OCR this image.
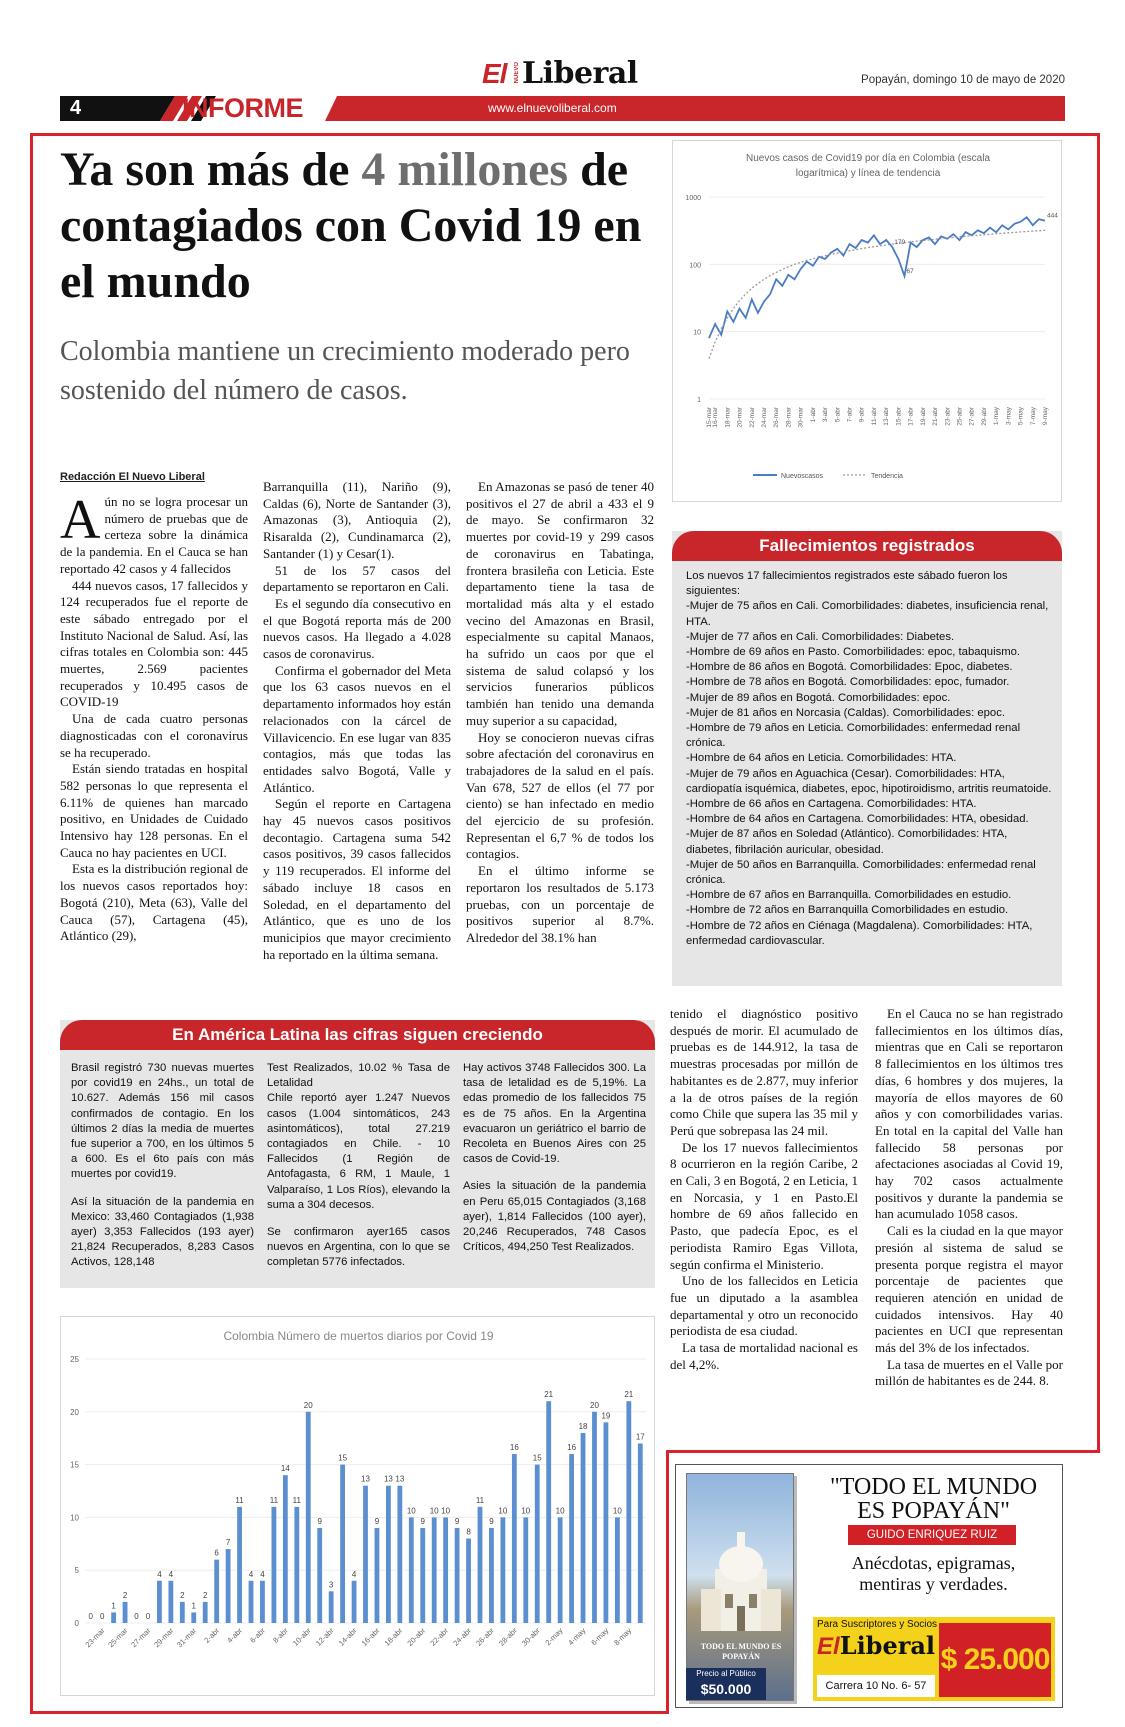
El NUEVO Liberal	Popayán, domingo 10 de mayo de 2020
4	INFORME	www.elnuevoliberal.com
Ya son más de 4 millones de contagiados con Covid 19 en el mundo
Colombia mantiene un crecimiento moderado pero sostenido del número de casos.
Redacción El Nuevo Liberal

Aún no se logra procesar un número de pruebas que de certeza sobre la dinámica de la pandemia. En el Cauca se han reportado 42 casos y 4 fallecidos

444 nuevos casos, 17 fallecidos y 124 recuperados fue el reporte de este sábado entregado por el Instituto Nacional de Salud. Así, las cifras totales en Colombia son: 445 muertes, 2.569 pacientes recuperados y 10.495 casos de COVID-19

Una de cada cuatro personas diagnosticadas con el coronavirus se ha recuperado.

Están siendo tratadas en hospital 582 personas lo que representa el 6.11% de quienes han marcado positivo, en Unidades de Cuidado Intensivo hay 128 personas. En el Cauca no hay pacientes en UCI.

Esta es la distribución regional de los nuevos casos reportados hoy: Bogotá (210), Meta (63), Valle del Cauca (57), Cartagena (45), Atlántico (29),

Barranquilla (11), Nariño (9), Caldas (6), Norte de Santander (3), Amazonas (3), Antioquia (2), Risaralda (2), Cundinamarca (2), Santander (1) y Cesar(1).

51 de los 57 casos del departamento se reportaron en Cali.

Es el segundo día consecutivo en el que Bogotá reporta más de 200 nuevos casos. Ha llegado a 4.028 casos de coronavirus.

Confirma el gobernador del Meta que los 63 casos nuevos en el departamento informados hoy están relacionados con la cárcel de Villavicencio. En ese lugar van 835 contagios, más que todas las entidades salvo Bogotá, Valle y Atlántico.

Según el reporte en Cartagena hay 45 nuevos casos positivos decontagio. Cartagena suma 542 casos positivos, 39 casos fallecidos y 119 recuperados. El informe del sábado incluye 18 casos en Soledad, en el departamento del Atlántico, que es uno de los municipios que mayor crecimiento ha reportado en la última semana.

En Amazonas se pasó de tener 40 positivos el 27 de abril a 433 el 9 de mayo. Se confirmaron 32 muertes por covid-19 y 299 casos de coronavirus en Tabatinga, frontera brasileña con Leticia. Este departamento tiene la tasa de mortalidad más alta y el estado vecino del Amazonas en Brasil, especialmente su capital Manaos, ha sufrido un caos por que el sistema de salud colapsó y los servicios funerarios públicos también han tenido una demanda muy superior a su capacidad,

Hoy se conocieron nuevas cifras sobre afectación del coronavirus en trabajadores de la salud en el país. Van 678, 527 de ellos (el 77 por ciento) se han infectado en medio del ejercicio de su profesión. Representan el 6,7 % de todos los contagios.

En el último informe se reportaron los resultados de 5.173 pruebas, con un porcentaje de positivos superior al 8.7%. Alrededor del 38.1% han

tenido el diagnóstico positivo después de morir. El acumulado de pruebas es de 144.912, la tasa de muestras procesadas por millón de habitantes es de 2.877, muy inferior a la de otros países de la región como Chile que supera las 35 mil y Perú que sobrepasa las 24 mil.

De los 17 nuevos fallecimientos 8 ocurrieron en la región Caribe, 2 en Cali, 3 en Bogotá, 2 en Leticia, 1 en Norcasia, y 1 en Pasto.El hombre de 69 años fallecido en Pasto, que padecía Epoc, es el periodista Ramiro Egas Villota, según confirma el Ministerio.

Uno de los fallecidos en Leticia fue un diputado a la asamblea departamental y otro un reconocido periodista de esa ciudad.

La tasa de mortalidad nacional es del 4,2%.

En el Cauca no se han registrado fallecimientos en los últimos días, mientras que en Cali se reportaron 8 fallecimientos en los últimos tres días, 6 hombres y dos mujeres, la mayoría de ellos mayores de 60 años y con comorbilidades varias. En total en la capital del Valle han fallecido 58 personas por afectaciones asociadas al Covid 19, hay 702 casos actualmente positivos y durante la pandemia se han acumulado 1058 casos.

Cali es la ciudad en la que mayor presión al sistema de salud se presenta porque registra el mayor porcentaje de pacientes que requieren atención en unidad de cuidados intensivos. Hay 40 pacientes en UCI que representan más del 3% de los infectados.

La tasa de muertes en el Valle por millón de habitantes es de 244. 8.

Nuevos casos de Covid19 por día en Colombia (escala logarítmica) y línea de tendencia
1
10
100
1000
15-mar 16-mar 18-mar 20-mar 22-mar 24-mar 26-mar 28-mar 30-mar 1-abr 3-abr 5-abr 7-abr 9-abr 11-abr 13-abr 15-abr 17-abr 19-abr 21-abr 23-abr 25-abr 27-abr 29-abr 1-may 3-may 5-may 7-may 9-may
67
179
444
Nuevoscasos	Tendencia
Fallecimientos registrados

Los nuevos 17 fallecimientos registrados este sábado fueron los siguientes:

-Mujer de 75 años en Cali. Comorbilidades: diabetes, insuficiencia renal, HTA.

-Mujer de 77 años en Cali. Comorbilidades: Diabetes.

-Hombre de 69 años en Pasto. Comorbilidades: epoc, tabaquismo.

-Hombre de 86 años en Bogotá. Comorbilidades: Epoc, diabetes.

-Hombre de 78 años en Bogotá. Comorbilidades: epoc, fumador.

-Mujer de 89 años en Bogotá. Comorbilidades: epoc.

-Mujer de 81 años en Norcasia (Caldas). Comorbilidades: epoc.

-Hombre de 79 años en Leticia. Comorbilidades: enfermedad renal crónica.

-Hombre de 64 años en Leticia. Comorbilidades: HTA.

-Mujer de 79 años en Aguachica (Cesar). Comorbilidades: HTA, cardiopatía isquémica, diabetes, epoc, hipotiroidismo, artritis reumatoide.

-Hombre de 66 años en Cartagena. Comorbilidades: HTA.

-Hombre de 64 años en Cartagena. Comorbilidades: HTA, obesidad.

-Mujer de 87 años en Soledad (Atlántico). Comorbilidades: HTA, diabetes, fibrilación auricular, obesidad.

-Mujer de 50 años en Barranquilla. Comorbilidades: enfermedad renal crónica.

-Hombre de 67 años en Barranquilla. Comorbilidades en estudio.

-Hombre de 72 años en Barranquilla Comorbilidades en estudio.

-Hombre de 72 años en Ciénaga (Magdalena). Comorbilidades: HTA, enfermedad cardiovascular.

En América Latina las cifras siguen creciendo

Brasil registró 730 nuevas muertes por covid19 en 24hs., un total de 10.627. Además 156 mil casos confirmados de contagio. En los últimos 2 días la media de muertes fue superior a 700, en los últimos 5 a 600. Es el 6to país con más muertes por covid19.

Así la situación de la pandemia en Mexico: 33,460 Contagiados (1,938 ayer) 3,353 Fallecidos (193 ayer) 21,824 Recuperados, 8,283 Casos Activos, 128,148

Test Realizados, 10.02 % Tasa de Letalidad

Chile reportó ayer 1.247 Nuevos casos (1.004 sintomáticos, 243 asintomáticos), total 27.219 contagiados en Chile. - 10 Fallecidos (1 Región de Antofagasta, 6 RM, 1 Maule, 1 Valparaíso, 1 Los Ríos), elevando la suma a 304 decesos.

Se confirmaron ayer165 casos nuevos en Argentina, con lo que se completan 5776 infectados.

Hay activos 3748 Fallecidos 300. La tasa de letalidad es de 5,19%. La edas promedio de los fallecidos 75 es de 75 años. En la Argentina evacuaron un geriátrico el barrio de Recoleta en Buenos Aires con 25 casos de Covid-19.

Asies la situación de la pandemia en Peru 65,015 Contagiados (3,168 ayer), 1,814 Fallecidos (100 ayer), 20,246 Recuperados, 748 Casos Críticos, 494,250 Test Realizados.

Colombia Número de muertos diarios por Covid 19
0
5
10
15
20
25
0 0
1
2
0 0
4 4
2
1
2
6
7
11
4 4
11
14
11
20
9
3
15
4
13
9
13 13
10
9
10 10
9
8
11
9
10
16
10
15
21
10
16
18
20
19
10
21
17
23-mar 25-mar 27-mar 29-mar 31-mar 2-abr 4-abr 6-abr 8-abr 10-abr 12-abr 14-abr 16-abr 18-abr 20-abr 22-abr 24-abr 26-abr 28-abr 30-abr 2-may 4-may 6-may 8-may	TODO EL MUNDO ES POPAYÁN
Precio al Público
$50.000
"TODO EL MUNDO
ES POPAYÁN"
GUIDO ENRIQUEZ RUIZ
Anécdotas, epigramas,
mentiras y verdades.
Para Suscriptores y Socios
ElLiberal
Carrera 10 No. 6- 57
$ 25.000
